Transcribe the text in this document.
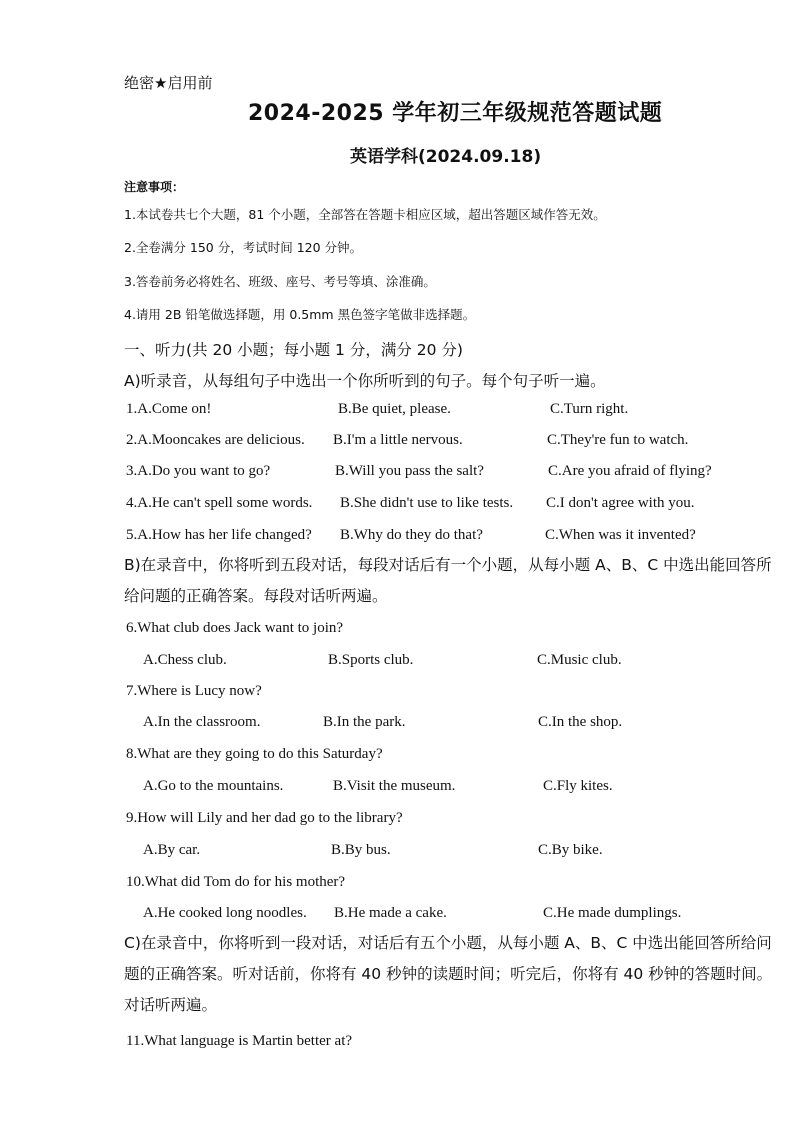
绝密★启用前
2024-2025 学年初三年级规范答题试题
英语学科(2024.09.18)
注意事项：
1.本试卷共七个大题，81 个小题，全部答在答题卡相应区域，超出答题区域作答无效。
2.全卷满分 150 分，考试时间 120 分钟。
3.答卷前务必将姓名、班级、座号、考号等填、涂准确。
4.请用 2B 铅笔做选择题，用 0.5mm 黑色签字笔做非选择题。
一、听力(共 20 小题；每小题 1 分，满分 20 分)
A)听录音，从每组句子中选出一个你所听到的句子。每个句子听一遍。
1.A.Come on!	B.Be quiet, please.	C.Turn right.
2.A.Mooncakes are delicious. B.I'm a little nervous.	C.They're fun to watch.
3.A.Do you want to go?	B.Will you pass the salt?	C.Are you afraid of flying?
4.A.He can't spell some words. B.She didn't use to like tests. C.I don't agree with you.
5.A.How has her life changed? B.Why do they do that?	C.When was it invented?
B)在录音中，你将听到五段对话，每段对话后有一个小题，从每小题 A、B、C 中选出能回答所给问题的正确答案。每段对话听两遍。
6.What club does Jack want to join?
A.Chess club.	B.Sports club.	C.Music club.
7.Where is Lucy now?
A.In the classroom.	B.In the park.	C.In the shop.
8.What are they going to do this Saturday?
A.Go to the mountains.	B.Visit the museum.	C.Fly kites.
9.How will Lily and her dad go to the library?
A.By car.	B.By bus.	C.By bike.
10.What did Tom do for his mother?
A.He cooked long noodles. B.He made a cake.	C.He made dumplings.
C)在录音中，你将听到一段对话，对话后有五个小题，从每小题 A、B、C 中选出能回答所给问题的正确答案。听对话前，你将有 40 秒钟的读题时间；听完后，你将有 40 秒钟的答题时间。对话听两遍。
11.What language is Martin better at?
